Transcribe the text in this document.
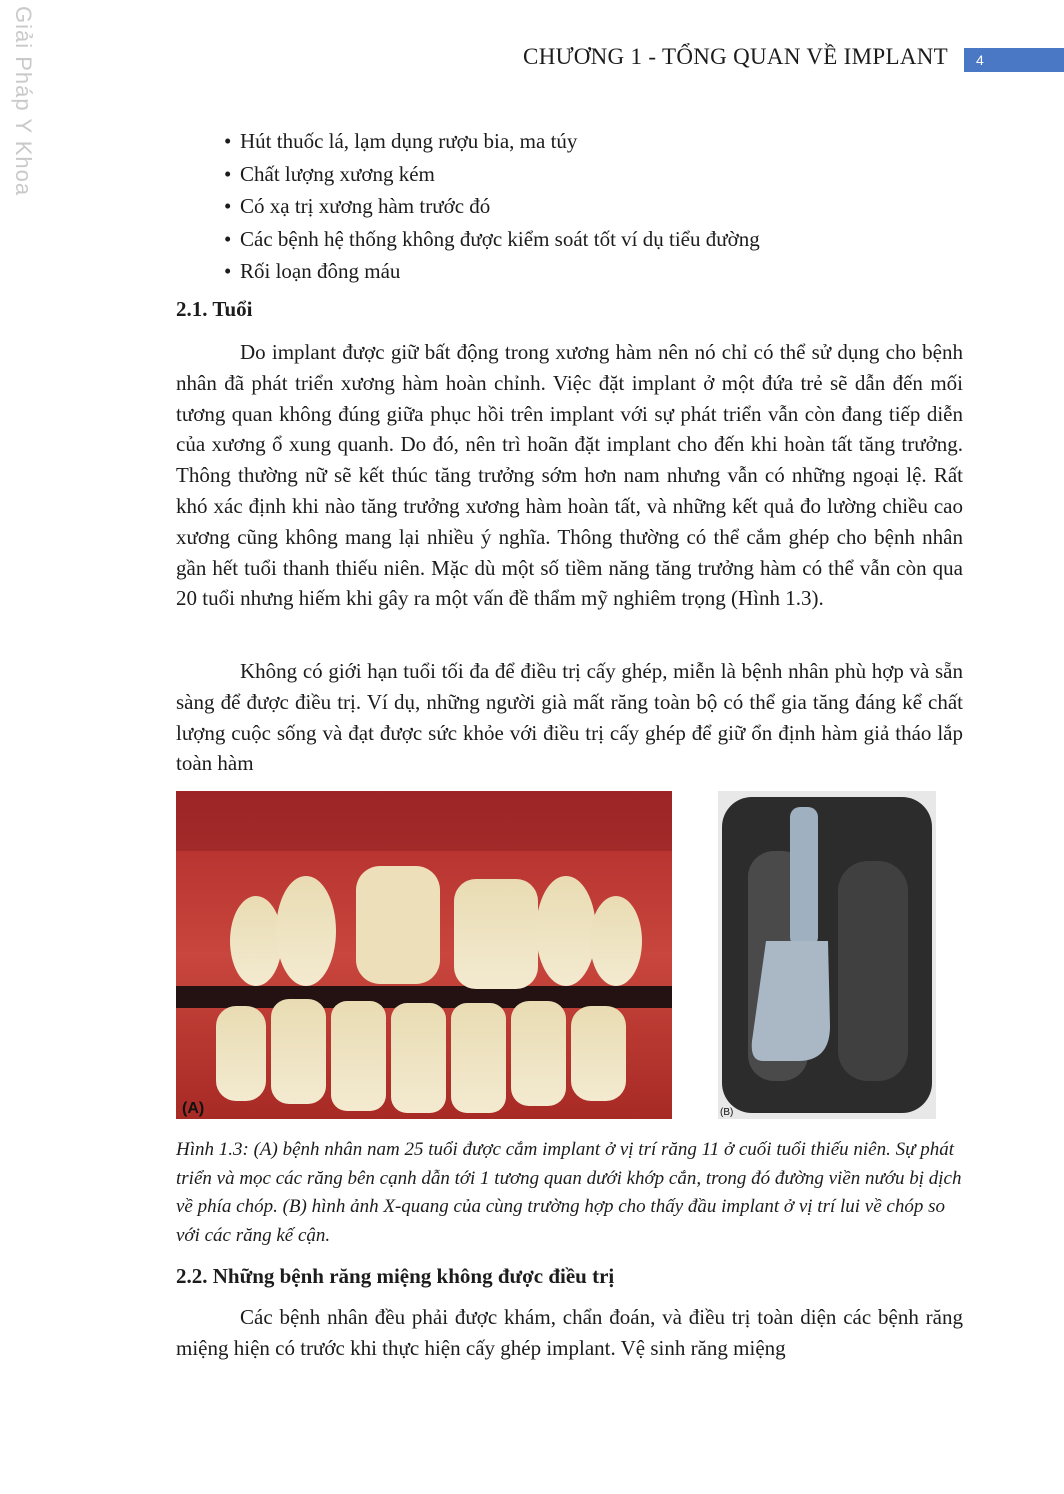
Giải Pháp Y Khoa	CHƯƠNG 1 - TỔNG QUAN VỀ IMPLANT	4
• Hút thuốc lá, lạm dụng rượu bia, ma túy
• Chất lượng xương kém
• Có xạ trị xương hàm trước đó
• Các bệnh hệ thống không được kiểm soát tốt ví dụ tiểu đường
• Rối loạn đông máu
2.1. Tuổi

Do implant được giữ bất động trong xương hàm nên nó chỉ có thể sử dụng cho bệnh nhân đã phát triển xương hàm hoàn chỉnh. Việc đặt implant ở một đứa trẻ sẽ dẫn đến mối tương quan không đúng giữa phục hồi trên implant với sự phát triển vẫn còn đang tiếp diễn của xương ổ xung quanh. Do đó, nên trì hoãn đặt implant cho đến khi hoàn tất tăng trưởng. Thông thường nữ sẽ kết thúc tăng trưởng sớm hơn nam nhưng vẫn có những ngoại lệ. Rất khó xác định khi nào tăng trưởng xương hàm hoàn tất, và những kết quả đo lường chiều cao xương cũng không mang lại nhiều ý nghĩa. Thông thường có thể cắm ghép cho bệnh nhân gần hết tuổi thanh thiếu niên. Mặc dù một số tiềm năng tăng trưởng hàm có thể vẫn còn qua 20 tuổi nhưng hiếm khi gây ra một vấn đề thẩm mỹ nghiêm trọng (Hình 1.3).

Không có giới hạn tuổi tối đa để điều trị cấy ghép, miễn là bệnh nhân phù hợp và sẵn sàng để được điều trị. Ví dụ, những người già mất răng toàn bộ có thể gia tăng đáng kể chất lượng cuộc sống và đạt được sức khỏe với điều trị cấy ghép để giữ ổn định hàm giả tháo lắp toàn hàm

(A)	(B)

Hình 1.3: (A) bệnh nhân nam 25 tuổi được cắm implant ở vị trí răng 11 ở cuối tuổi thiếu niên. Sự phát triển và mọc các răng bên cạnh dẫn tới 1 tương quan dưới khớp cắn, trong đó đường viền nướu bị dịch về phía chóp. (B) hình ảnh X-quang của cùng trường hợp cho thấy đầu implant ở vị trí lui về chóp so với các răng kế cận.

2.2. Những bệnh răng miệng không được điều trị

Các bệnh nhân đều phải được khám, chẩn đoán, và điều trị toàn diện các bệnh răng miệng hiện có trước khi thực hiện cấy ghép implant. Vệ sinh răng miệng
